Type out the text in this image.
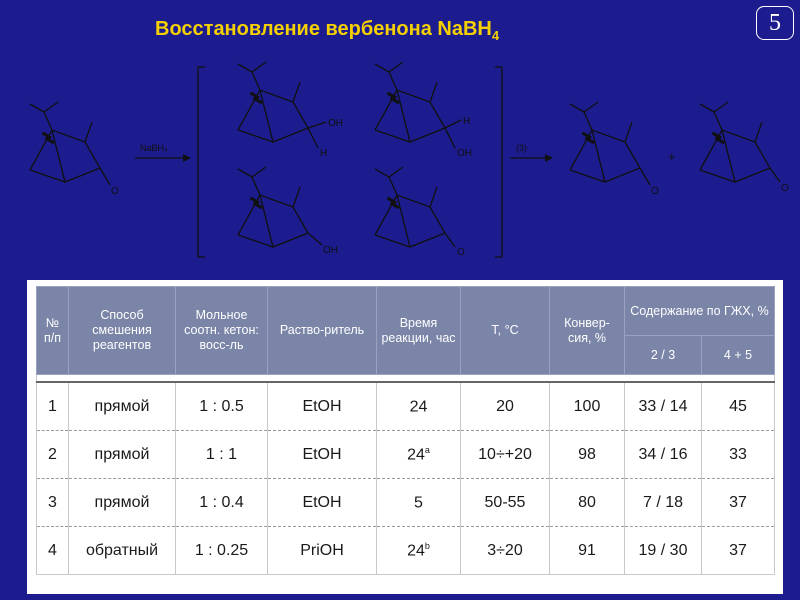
Восстановление вербенона NaBH$_4$	5
O
NaBH₄
OH
H
H
OH
OH	O
(3)
O
+
O
№ п/п	Способ смешения реагентов	Мольное соотн. кетон: восс-ль	Раство-ритель	Время реакции, час	T, °C	Конвер-сия, %	Содержание по ГЖХ, %	
							2 / 3	4 + 5

1	прямой	1 : 0.5	EtOH	24	20	100	33 / 14	45
2	прямой	1 : 1	EtOH	24$^a$	10÷+20	98	34 / 16	33
3	прямой	1 : 0.4	EtOH	5	50-55	80	7 / 18	37
4	обратный	1 : 0.25	PriOH	24$^b$	3÷20	91	19 / 30	37
